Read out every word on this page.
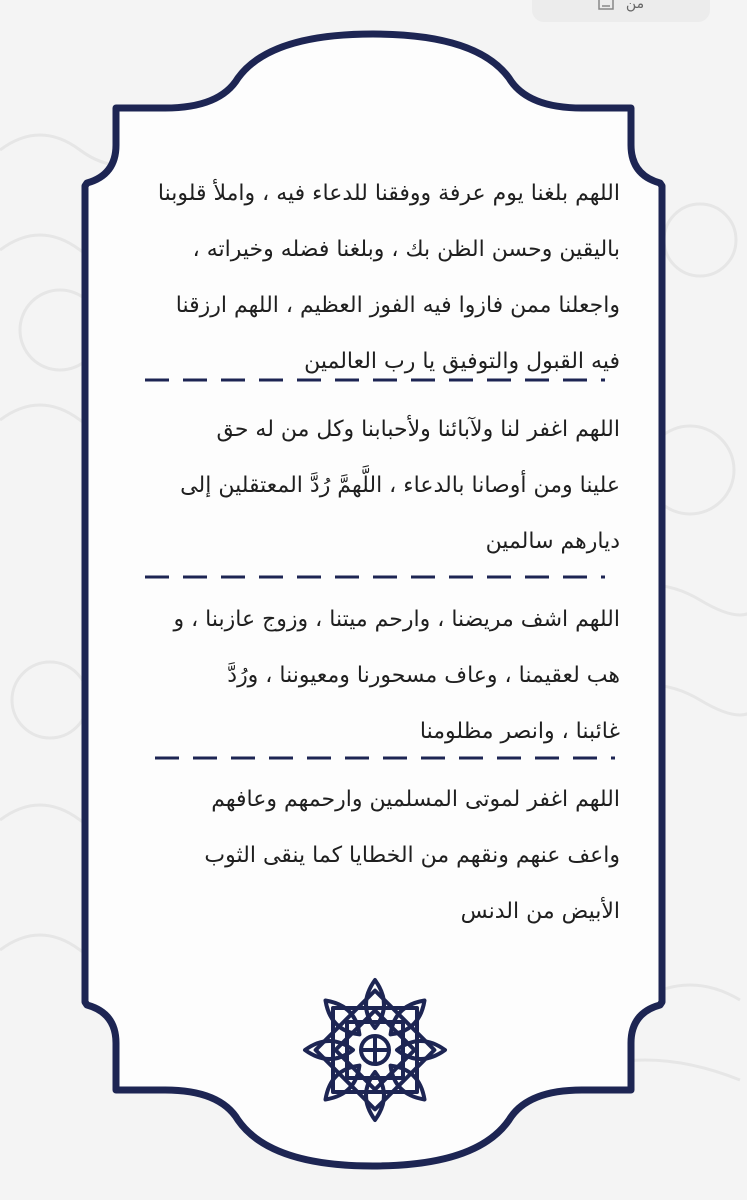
من
اللهم بلغنا يوم عرفة ووفقنا للدعاء فيه ، واملأ قلوبنا
باليقين وحسن الظن بك ، وبلغنا فضله وخيراته ،
واجعلنا ممن فازوا فيه الفوز العظيم ، اللهم ارزقنا
فيه القبول والتوفيق يا رب العالمين
اللهم اغفر لنا ولآبائنا ولأحبابنا وكل من له حق
علينا ومن أوصانا بالدعاء ، اللَّهمَّ رُدَّ المعتقلين إلى
ديارهم سالمين
اللهم اشف مريضنا ، وارحم ميتنا ، وزوج عازبنا ، و
هب لعقيمنا ، وعاف مسحورنا ومعيوننا ، ورُدَّ
غائبنا ، وانصر مظلومنا
اللهم اغفر لموتى المسلمين وارحمهم وعافهم
واعف عنهم ونقهم من الخطايا كما ينقى الثوب
الأبيض من الدنس
